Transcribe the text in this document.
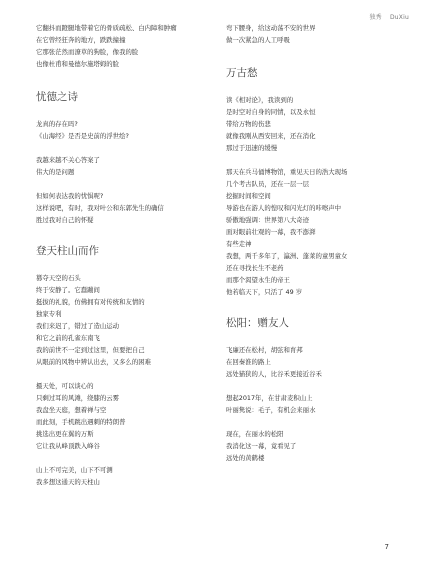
独秀 DuXiu
它翻抖而蹬腿地带着它的骨质疏松、白内障和肿瘤
在它曾经狂奔的地方，跌跌撞撞
它那张茫然而潦草的狗脸，像我的脸
也像杜甫和曼德尔施塔姆的脸
忧德之诗
龙真的存在吗?
《山海经》是否是史前的浮世绘?
我越来越不关心答案了
伟大的是问题
但如何表达我的忧惧呢?
这样说吧，有时，我对叶公和东郭先生的确信
胜过我对自己的怀疑
登天柱山而作
篡夺天空的石头
终于安静了。它蠢蹦间
挺拔的礼貌，仿佛拥有对传统和友情的
独家专利
我们来迟了，错过了造山运动
和它之前的孔雀东南飞
我的前世不一定到过这里，但要把自己
从眼前的风物中辨认出去，又多么的困难
摄天处，可以谈心的
只剩过耳的风滩，绕膝的云雾
我盘坐天庭，想着禅与空
而此刻，手机跳出遇刺的特朗普
挑选出更在翼的万斯
它让我从峰顶跌入峰谷
山上不可完美，山下不可测
我多想这通天的天柱山
弯下腰身，给这动荡不安的世界
做一次紧急的人工呼吸
万古愁
读《相对论》，我读到的
是时空对自身的同情，以及永恒
带给万物的伤悲
就像我刚从西安回来，还在消化
那过于迅速的缓慢
那天在兵马俑博物馆，重见天日的浩大现场
几个考古队员，还在一层一层
挖掘时间和空间
导游也在游人的惶叹和闪光灯的咔嚓声中
骄傲地强调：世界第八大奇迹
面对眼前壮观的一幕，我不澎湃
有些走神
我想，两千多年了，瀛洲、蓬莱的童男童女
还在寻找长生不老药
而那个渴望永生的帝王
他若临天下，只活了 49 岁
松阳：赠友人
飞廉还在松村，胡弦和育邦
在回秦淮的路上
远处猫狭的人，比谷禾更接近谷禾
想起2017年，在甘肃麦积山上
叶丽隽说：毛子，有机会来丽水
现在，在丽水的松阳
我消化这一幕，竟看见了
远处的黄鹤楼
7
